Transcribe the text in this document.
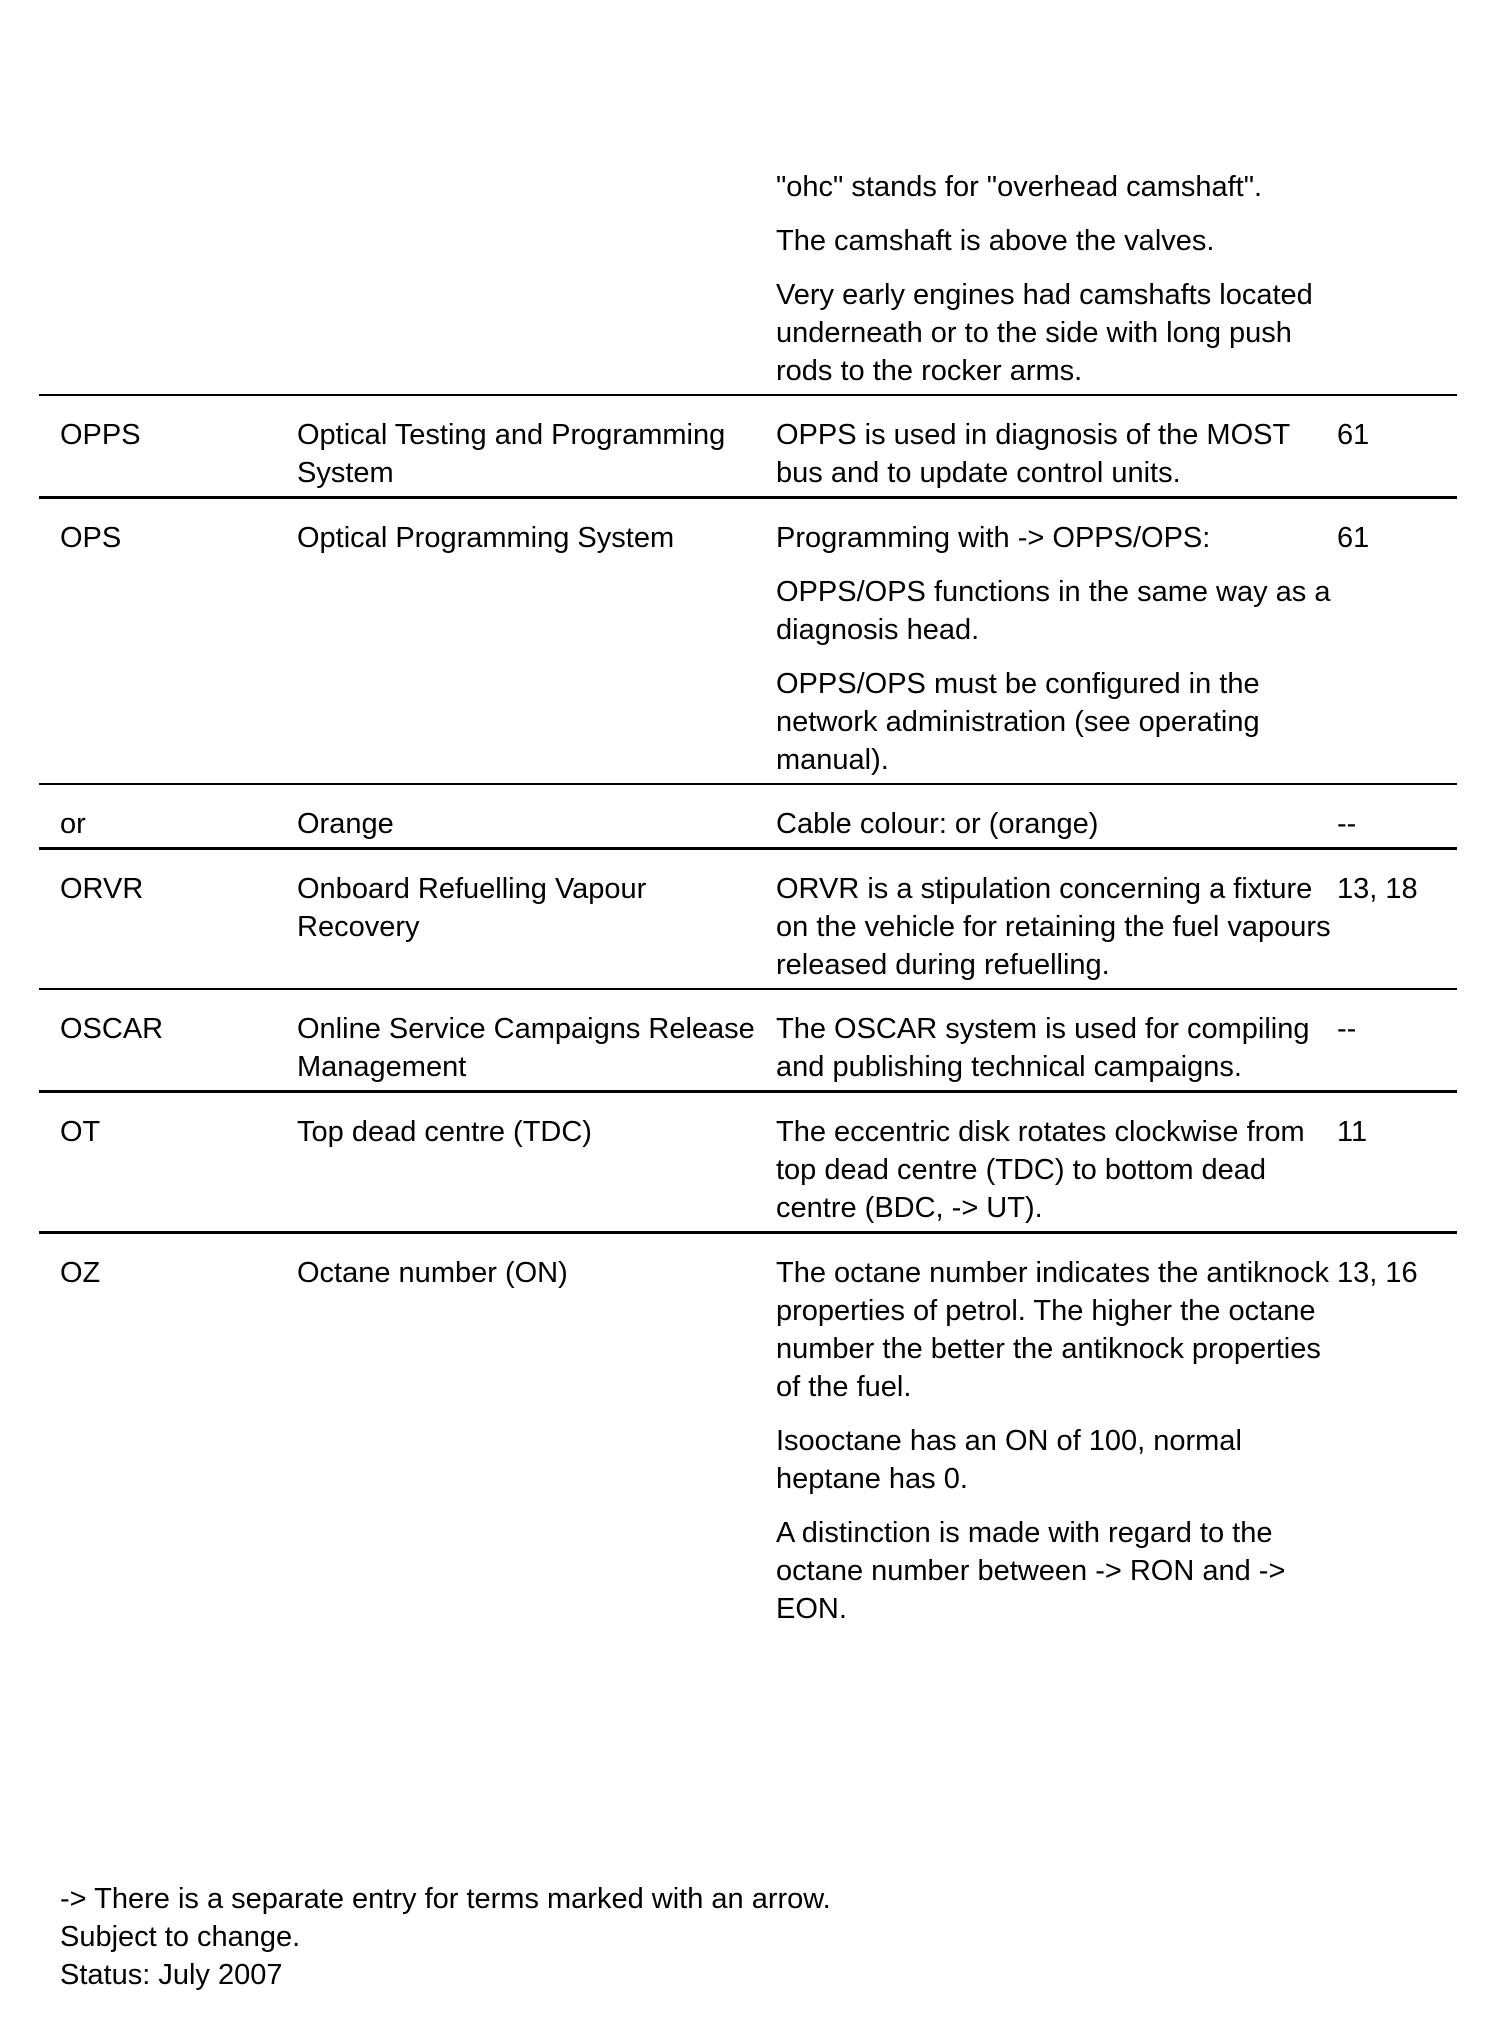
		"ohc" stands for "overhead camshaft".
The camshaft is above the valves.
Very early engines had camshafts located underneath or to the side with long push rods to the rocker arms.	

OPPS	Optical Testing and Programming System	OPPS is used in diagnosis of the MOST bus and to update control units.	61
OPS	Optical Programming System	Programming with -> OPPS/OPS:
OPPS/OPS functions in the same way as a diagnosis head.
OPPS/OPS must be configured in the network administration (see operating manual).	61
or	Orange	Cable colour: or (orange)	--
ORVR	Onboard Refuelling Vapour Recovery	ORVR is a stipulation concerning a fixture on the vehicle for retaining the fuel vapours released during refuelling.	13, 18
OSCAR	Online Service Campaigns Release Management	The OSCAR system is used for compiling and publishing technical campaigns.	--
OT	Top dead centre (TDC)	The eccentric disk rotates clockwise from top dead centre (TDC) to bottom dead centre (BDC, -> UT).	11
OZ	Octane number (ON)	The octane number indicates the antiknock properties of petrol. The higher the octane number the better the antiknock properties of the fuel.
Isooctane has an ON of 100, normal heptane has 0.
A distinction is made with regard to the octane number between -> RON and -> EON.	13, 16
-> There is a separate entry for terms marked with an arrow.
Subject to change.
Status: July 2007
